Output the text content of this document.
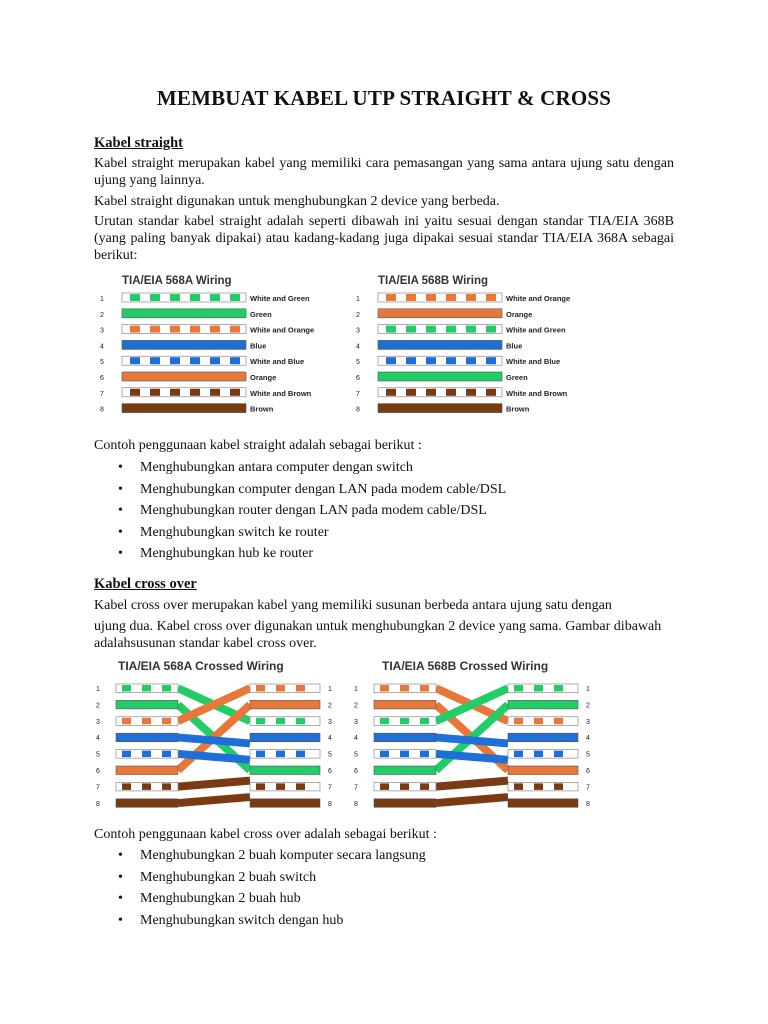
MEMBUAT KABEL UTP STRAIGHT & CROSS
Kabel straight
Kabel straight merupakan kabel yang memiliki cara pemasangan yang sama antara ujung satu dengan ujung yang lainnya.
Kabel straight digunakan untuk menghubungkan 2 device yang berbeda.
Urutan standar kabel straight adalah seperti dibawah ini yaitu sesuai dengan standar TIA/EIA 368B (yang paling banyak dipakai) atau kadang-kadang juga dipakai sesuai standar TIA/EIA 368A sebagai berikut:
TIA/EIA 568A Wiring
1	White and Green
2	Green
3	White and Orange
4	Blue
5	White and Blue
6	Orange
7	White and Brown
8	Brown
TIA/EIA 568B Wiring
1	White and Orange
2	Orange
3	White and Green
4	Blue
5	White and Blue
6	Green
7	White and Brown
8	Brown
Contoh penggunaan kabel straight adalah sebagai berikut :
• Menghubungkan antara computer dengan switch
• Menghubungkan computer dengan LAN pada modem cable/DSL
• Menghubungkan router dengan LAN pada modem cable/DSL
• Menghubungkan switch ke router
• Menghubungkan hub ke router
Kabel cross over
Kabel cross over merupakan kabel yang memiliki susunan berbeda antara ujung satu dengan
ujung dua. Kabel cross over digunakan untuk menghubungkan 2 device yang sama. Gambar dibawah adalahsusunan standar kabel cross over.
TIA/EIA 568A Crossed Wiring
1	1
2	2
3	3
4	4
5	5
6	6
7	7
8	8
TIA/EIA 568B Crossed Wiring
1	1
2	2
3	3
4	4
5	5
6	6
7	7
8	8
Contoh penggunaan kabel cross over adalah sebagai berikut :
• Menghubungkan 2 buah komputer secara langsung
• Menghubungkan 2 buah switch
• Menghubungkan 2 buah hub
• Menghubungkan switch dengan hub
